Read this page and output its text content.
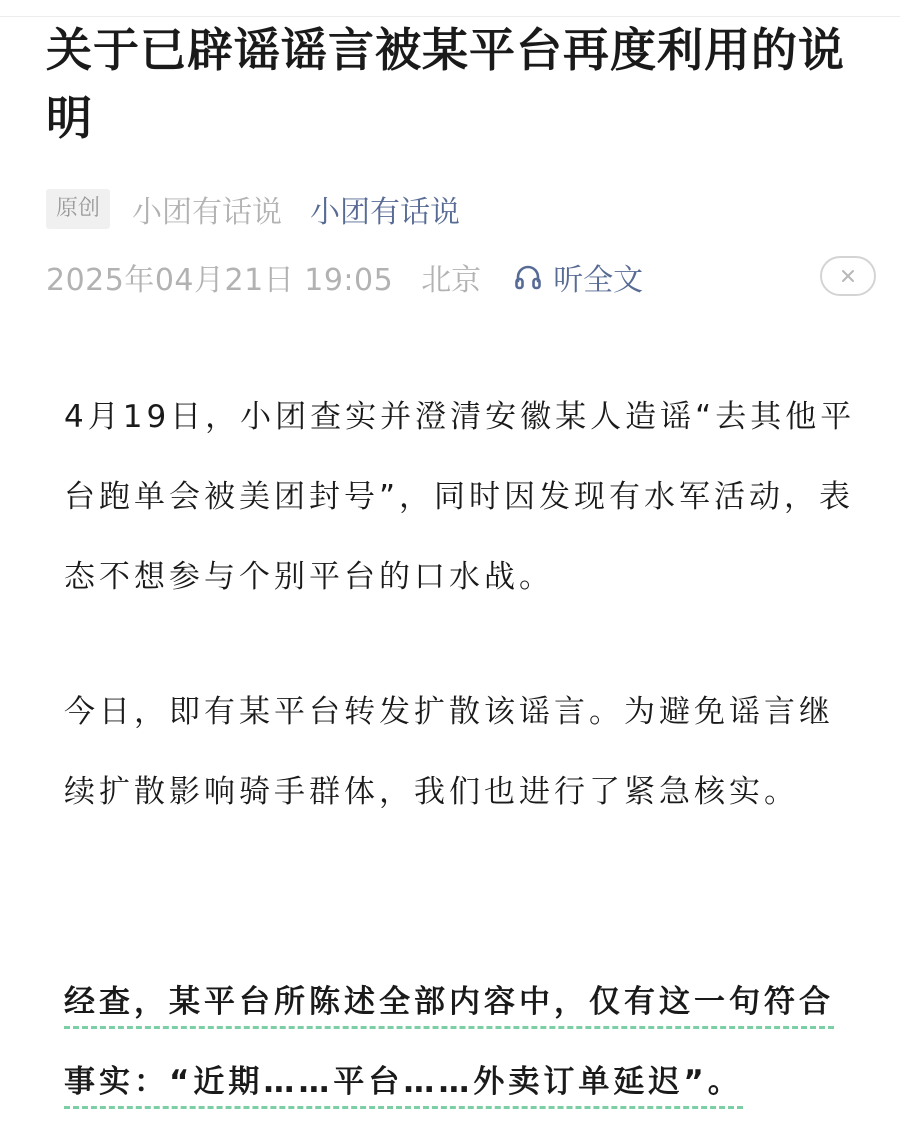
关于已辟谣谣言被某平台再度利用的说明
原创	小团有话说 小团有话说
2025年04月21日 19:05 北京 听全文

4月19日，小团查实并澄清安徽某人造谣“去其他平台跑单会被美团封号”，同时因发现有水军活动，表态不想参与个别平台的口水战。

今日，即有某平台转发扩散该谣言。为避免谣言继续扩散影响骑手群体，我们也进行了紧急核实。

经查，某平台所陈述全部内容中，仅有这一句符合事实：“近期……平台……外卖订单延迟”。
